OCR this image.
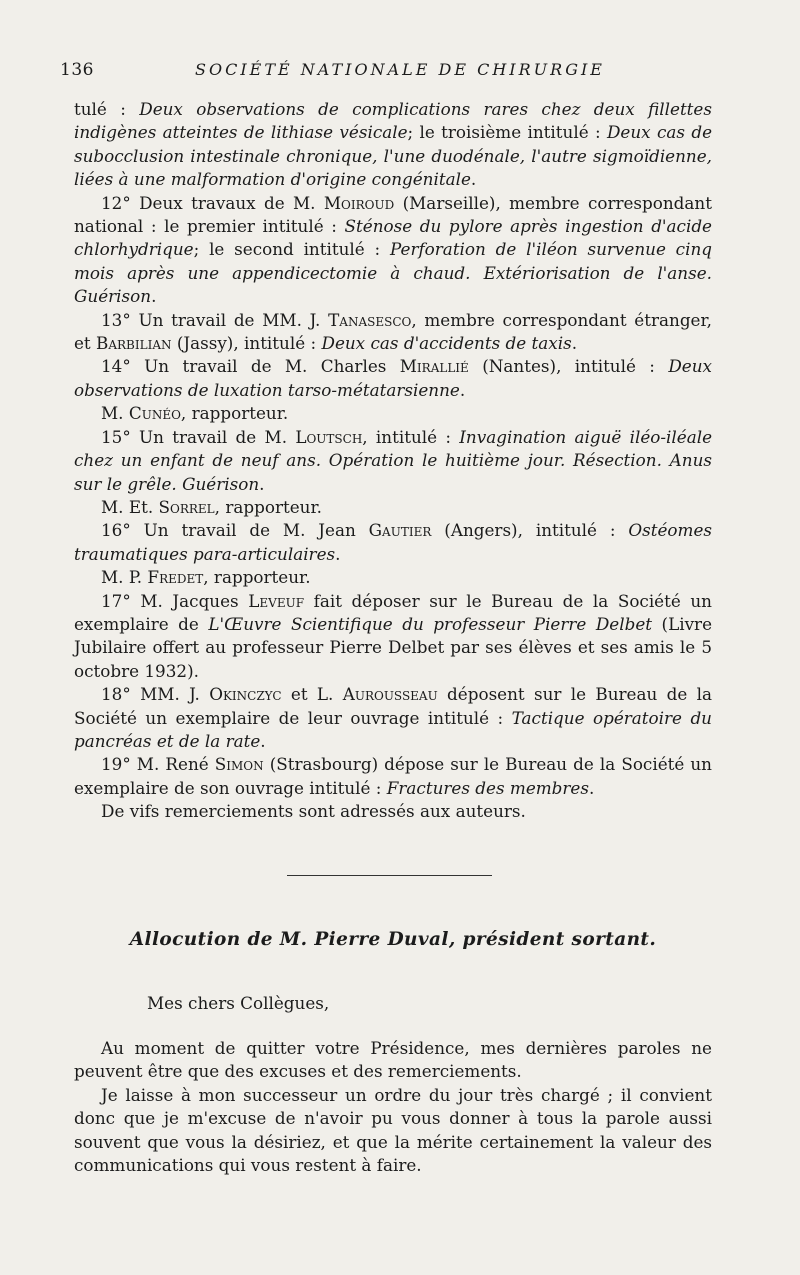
136	SOCIÉTÉ NATIONALE DE CHIRURGIE

tulé : Deux observations de complications rares chez deux fillettes indigènes atteintes de lithiase vésicale; le troisième intitulé : Deux cas de subocclusion intestinale chronique, l'une duodénale, l'autre sigmoïdienne, liées à une malformation d'origine congénitale.

12° Deux travaux de M. Moiroud (Marseille), membre correspondant national : le premier intitulé : Sténose du pylore après ingestion d'acide chlorhydrique; le second intitulé : Perforation de l'iléon survenue cinq mois après une appendicectomie à chaud. Extériorisation de l'anse. Guérison.

13° Un travail de MM. J. Tanasesco, membre correspondant étranger, et Barbilian (Jassy), intitulé : Deux cas d'accidents de taxis.

14° Un travail de M. Charles Mirallié (Nantes), intitulé : Deux observations de luxation tarso-métatarsienne.

M. Cunéo, rapporteur.

15° Un travail de M. Loutsch, intitulé : Invagination aiguë iléo-iléale chez un enfant de neuf ans. Opération le huitième jour. Résection. Anus sur le grêle. Guérison.

M. Et. Sorrel, rapporteur.

16° Un travail de M. Jean Gautier (Angers), intitulé : Ostéomes traumatiques para-articulaires.

M. P. Fredet, rapporteur.

17° M. Jacques Leveuf fait déposer sur le Bureau de la Société un exemplaire de L'Œuvre Scientifique du professeur Pierre Delbet (Livre Jubilaire offert au professeur Pierre Delbet par ses élèves et ses amis le 5 octobre 1932).

18° MM. J. Okinczyc et L. Aurousseau déposent sur le Bureau de la Société un exemplaire de leur ouvrage intitulé : Tactique opératoire du pancréas et de la rate.

19° M. René Simon (Strasbourg) dépose sur le Bureau de la Société un exemplaire de son ouvrage intitulé : Fractures des membres.

De vifs remerciements sont adressés aux auteurs.

Allocution de M. Pierre Duval, président sortant.
Mes chers Collègues,

Au moment de quitter votre Présidence, mes dernières paroles ne peuvent être que des excuses et des remerciements.

Je laisse à mon successeur un ordre du jour très chargé ; il convient donc que je m'excuse de n'avoir pu vous donner à tous la parole aussi souvent que vous la désiriez, et que la mérite certainement la valeur des communications qui vous restent à faire.
